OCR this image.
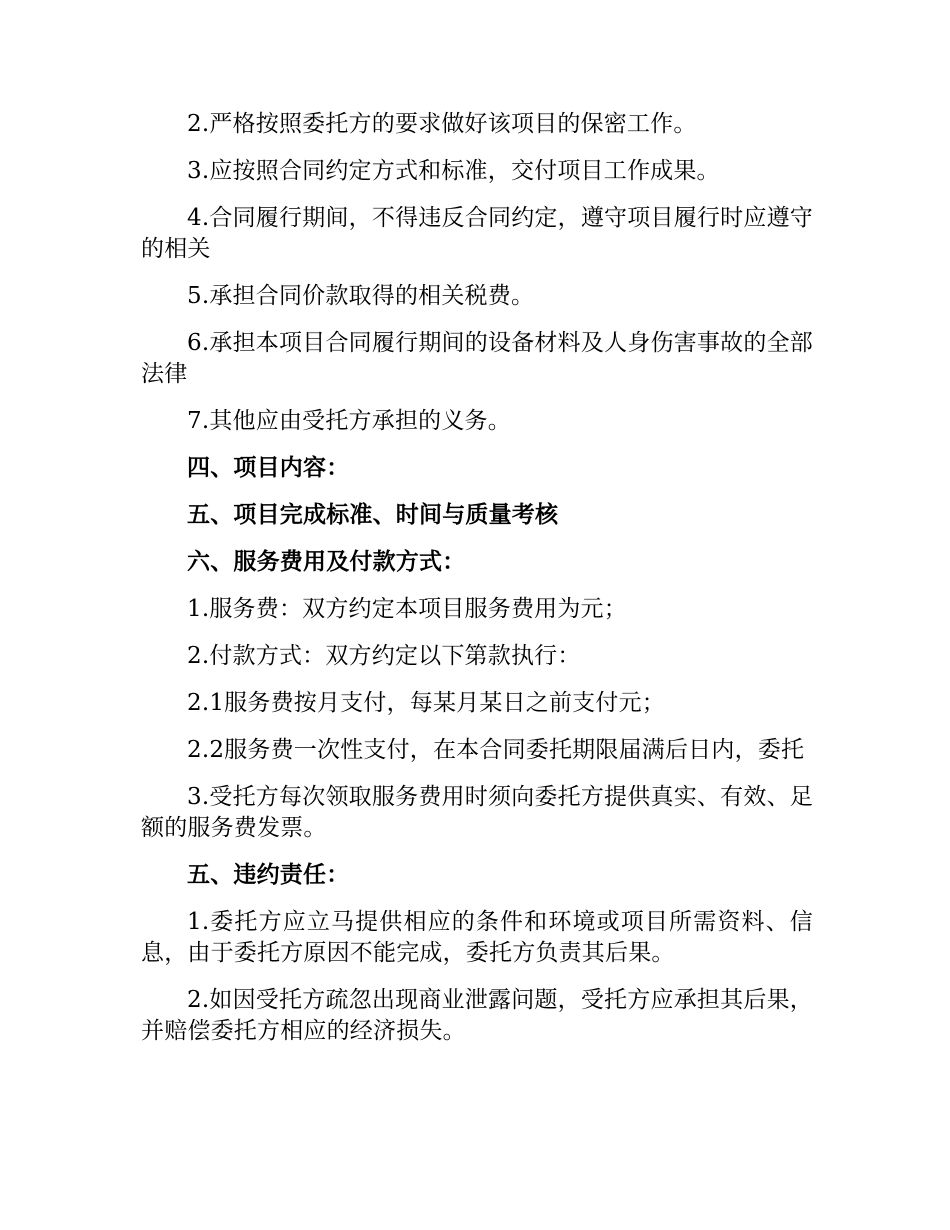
2.严格按照委托方的要求做好该项目的保密工作。

3.应按照合同约定方式和标准，交付项目工作成果。

4.合同履行期间，不得违反合同约定，遵守项目履行时应遵守的相关

5.承担合同价款取得的相关税费。

6.承担本项目合同履行期间的设备材料及人身伤害事故的全部法律

7.其他应由受托方承担的义务。

四、项目内容：

五、项目完成标准、时间与质量考核

六、服务费用及付款方式：

1.服务费：双方约定本项目服务费用为元；

2.付款方式：双方约定以下第款执行：

2.1服务费按月支付，每某月某日之前支付元；

2.2服务费一次性支付，在本合同委托期限届满后日内，委托

3.受托方每次领取服务费用时须向委托方提供真实、有效、足额的服务费发票。

五、违约责任：

1.委托方应立马提供相应的条件和环境或项目所需资料、信息，由于委托方原因不能完成，委托方负责其后果。

2.如因受托方疏忽出现商业泄露问题，受托方应承担其后果，并赔偿委托方相应的经济损失。
